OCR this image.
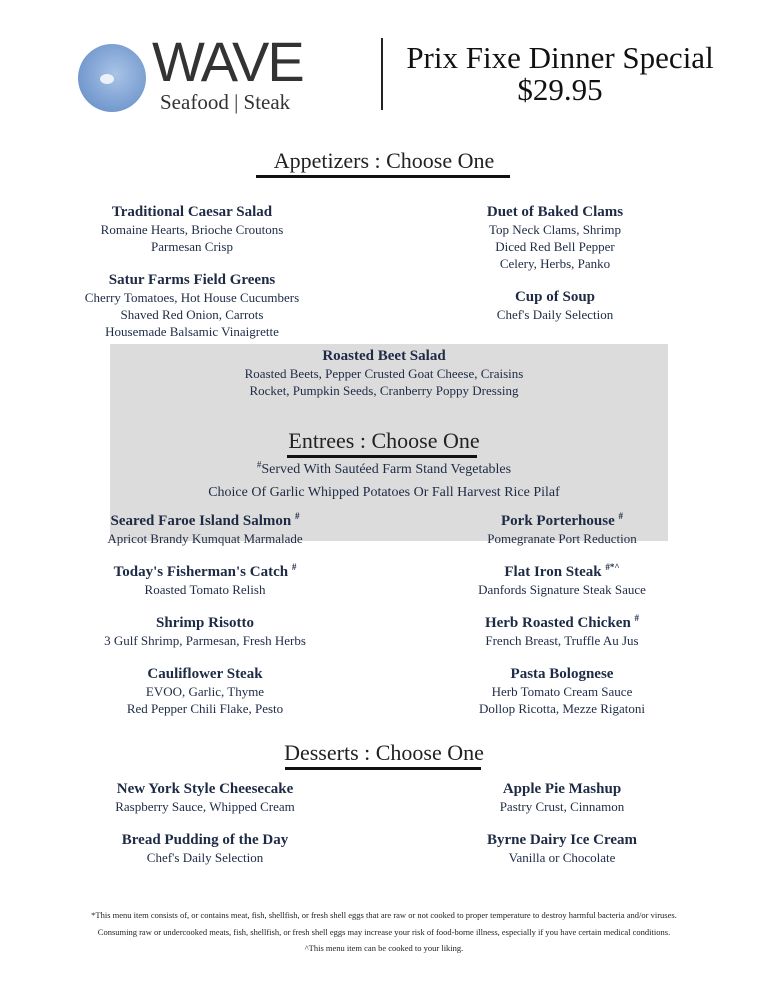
WAVE
Seafood | Steak
Prix Fixe Dinner Special
$29.95
Appetizers : Choose One
Traditional Caesar Salad
Romaine Hearts, Brioche Croutons
Parmesan Crisp
Satur Farms Field Greens
Cherry Tomatoes, Hot House Cucumbers
Shaved Red Onion, Carrots
Housemade Balsamic Vinaigrette
Duet of Baked Clams
Top Neck Clams, Shrimp
Diced Red Bell Pepper
Celery, Herbs, Panko
Cup of Soup
Chef's Daily Selection
Roasted Beet Salad
Roasted Beets, Pepper Crusted Goat Cheese, Craisins
Rocket, Pumpkin Seeds, Cranberry Poppy Dressing
Entrees : Choose One
#Served With Sautéed Farm Stand Vegetables
Choice Of Garlic Whipped Potatoes Or Fall Harvest Rice Pilaf
Seared Faroe Island Salmon #
Apricot Brandy Kumquat Marmalade
Today's Fisherman's Catch #
Roasted Tomato Relish
Shrimp Risotto
3 Gulf Shrimp, Parmesan, Fresh Herbs
Cauliflower Steak
EVOO, Garlic, Thyme
Red Pepper Chili Flake, Pesto
Pork Porterhouse #
Pomegranate Port Reduction
Flat Iron Steak #*^
Danfords Signature Steak Sauce
Herb Roasted Chicken #
French Breast, Truffle Au Jus
Pasta Bolognese
Herb Tomato Cream Sauce
Dollop Ricotta, Mezze Rigatoni
Desserts : Choose One
New York Style Cheesecake
Raspberry Sauce, Whipped Cream
Bread Pudding of the Day
Chef's Daily Selection
Apple Pie Mashup
Pastry Crust, Cinnamon
Byrne Dairy Ice Cream
Vanilla or Chocolate
*This menu item consists of, or contains meat, fish, shellfish, or fresh shell eggs that are raw or not cooked to proper temperature to destroy harmful bacteria and/or viruses.
Consuming raw or undercooked meats, fish, shellfish, or fresh shell eggs may increase your risk of food-borne illness, especially if you have certain medical conditions.
^This menu item can be cooked to your liking.
